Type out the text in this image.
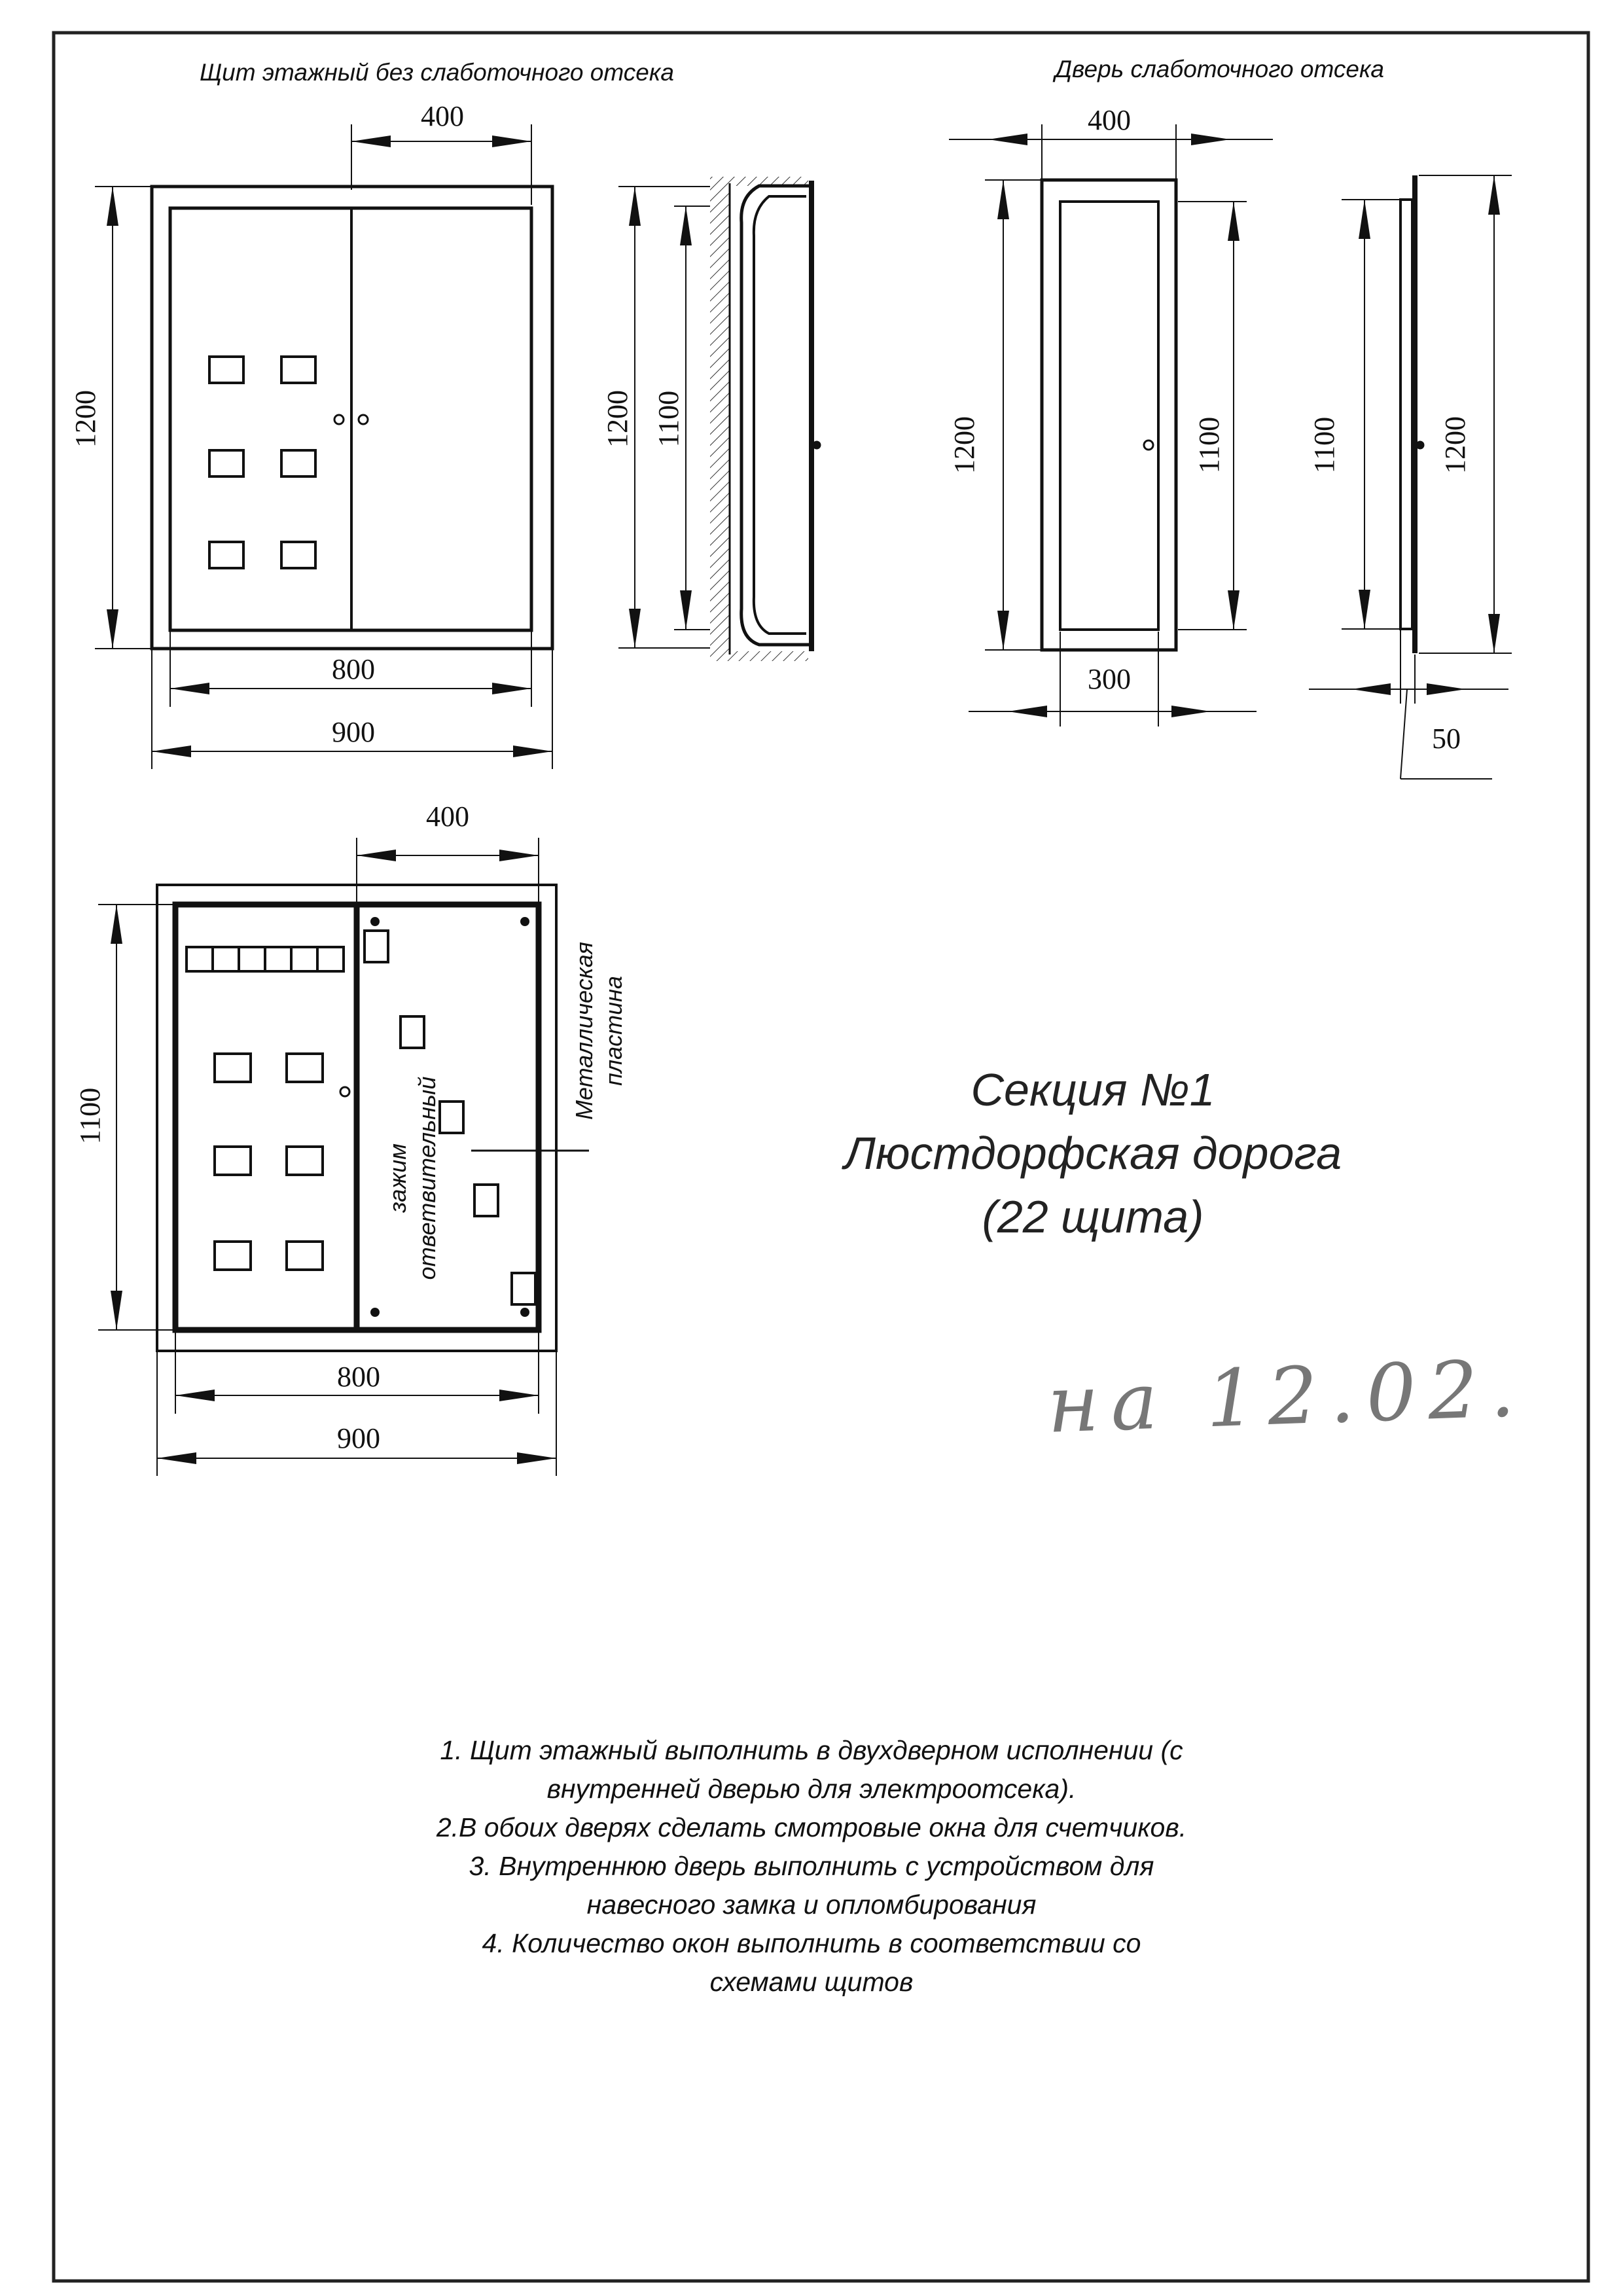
400
1200
800
900
1200 1100
400
1200	1100
300
1100	1200
50
400
1100
800
900
зажим ответвительный
Металлическая пластина
Щит этажный без слаботочного отсека	Дверь слаботочного отсека
Секция №1
Люстдорфская дорога
(22 щита)
на 12.02.
1. Щит этажный выполнить в двухдверном исполнении (с
внутренней дверью для электроотсека).
2.В обоих дверях сделать смотровые окна для счетчиков.
3. Внутреннюю дверь выполнить с устройством для
навесного замка и опломбирования
4. Количество окон выполнить в соответствии со
схемами щитов
